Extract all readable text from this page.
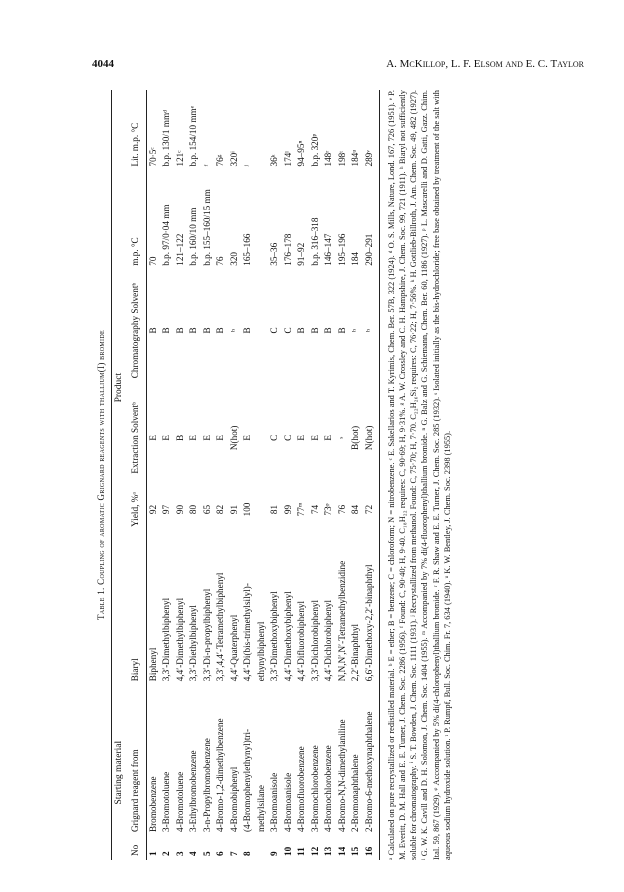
4044	A. McKillop, L. F. Elsom and E. C. Taylor
Table 1. Coupling of aromatic Grignard reagents with thallium(I) bromide

Starting material		Product					
No	Grignard reagent from	Biaryl	Yield, %ᵃ	Extraction Solventᵇ	Chromatography Solventᵇ	m.p. °C	Lit. m.p. °C

1	Bromobenzene	Biphenyl	92	E	B	70	70·5ᶜ
2	3-Bromotoluene	3,3′-Dimethylbiphenyl	97	E	B	b.p. 97/0·04 mm	b.p. 130/1 mmᵈ
3	4-Bromotoluene	4,4′-Dimethylbiphenyl	90	B	B	121–122	121ᶜ
4	3-Ethylbromobenzene	3,3′-Diethylbiphenyl	80	E	B	b.p. 160/10 mm	b.p. 154/10 mmᵉ
5	3-n-Propylbromobenzene	3,3′-Di-n-propylbiphenyl	65	E	B	b.p. 155–160/15 mm	ᶠ
6	4-Bromo-1,2-dimethylbenzene	3,3′,4,4′-Tetramethylbiphenyl	82	E	B	76	76ᵍ
7	4-Bromobiphenyl	4,4′-Quaterphenyl	91	N(hot)	ʰ	320	320ⁱ
8	(4-Bromophenylethynyl)tri-	4,4′-Di(bis-trimethylsilyl)-	100	E	B	165–166	ʲ
	methylsilane	ethynylbiphenyl					
9	3-Bromoanisole	3,3′-Dimethoxybiphenyl	81	C	C	35–36	36ᵏ
10	4-Bromoanisole	4,4′-Dimethoxybiphenyl	99	C	C	176–178	174ˡ
11	4-Bromofluorobenzene	4,4′-Difluorobiphenyl	77ᵐ	E	B	91–92	94–95ⁿ
12	3-Bromochlorobenzene	3,3′-Dichlorobiphenyl	74	E	B	b.p. 316–318	b.p. 320ᵖ
13	4-Bromochlorobenzene	4,4′-Dichlorobiphenyl	73ᵠ	E	B	146–147	148ʳ
14	4-Bromo-N,N-dimethylaniline	N,N,N′,N′-Tetramethylbenzidine	76	ˢ	B	195–196	198ᵗ
15	2-Bromonaphthalene	2,2′-Binaphthyl	84	B(hot)	ʰ	184	184ᵘ
16	2-Bromo-6-methoxynaphthalene	6,6′-Dimethoxy-2,2′-binaphthyl	72	N(hot)	ʰ	290–291	289ᵛ ᵃ Calculated on pure recrystallized or redistilled material. ᵇ E = ether; B = benzene; C = chloroform; N = nitrobenzene. ᶜ E. Sakellarios and T. Kyrimis, Chem. Ber. 57B, 322 (1924). ᵈ O. S. Mills, Nature, Lond. 167, 726 (1951). ᵉ P. M. Everitt, D. M. Hall and E. E. Turner, J. Chem. Soc. 2286 (1956). ᶠ Found: C, 90·40; H, 9·40. C₁₈H₂₂ requires: C, 90·69; H, 9·31%. ᵍ A. W. Crossley and C. H. Hampshire, J. Chem. Soc. 99, 721 (1911). ʰ Biaryl not sufficiently soluble for chromatography. ⁱ S. T. Bowden, J. Chem. Soc. 1111 (1931). ʲ Recrystallized from methanol. Found: C, 75·70; H, 7·70. C₂₂H₂₆Si₂ requires: C, 76·22; H, 7·56%. ᵏ H. Gottlieb-Billroth, J. Am. Chem. Soc. 49, 482 (1927). ˡ G. W. K. Cavill and D. H. Solomon, J. Chem. Soc. 1404 (1955). ᵐ Accompanied by 7% di(4-fluorophenyl)thallium bromide. ⁿ G. Balz and G. Schiemann, Chem. Ber. 60, 1186 (1927). ᵖ L. Mascarelli and D. Gatti, Gazz. Chim. Ital. 59, 867 (1929). ᵠ Accompanied by 5% di(4-chlorophenyl)thallium bromide. ʳ F. R. Shaw and E. E. Turner, J. Chem. Soc. 285 (1932). ˢ Isolated initially as the bis-hydrochloride; free base obtained by treatment of the salt with aqueous sodium hydroxide solution. ᵗ P. Rumpf, Bull. Soc. Chim. Fr. 7, 634 (1940). ᵘ K. W. Bentley, J. Chem. Soc. 2398 (1955).
